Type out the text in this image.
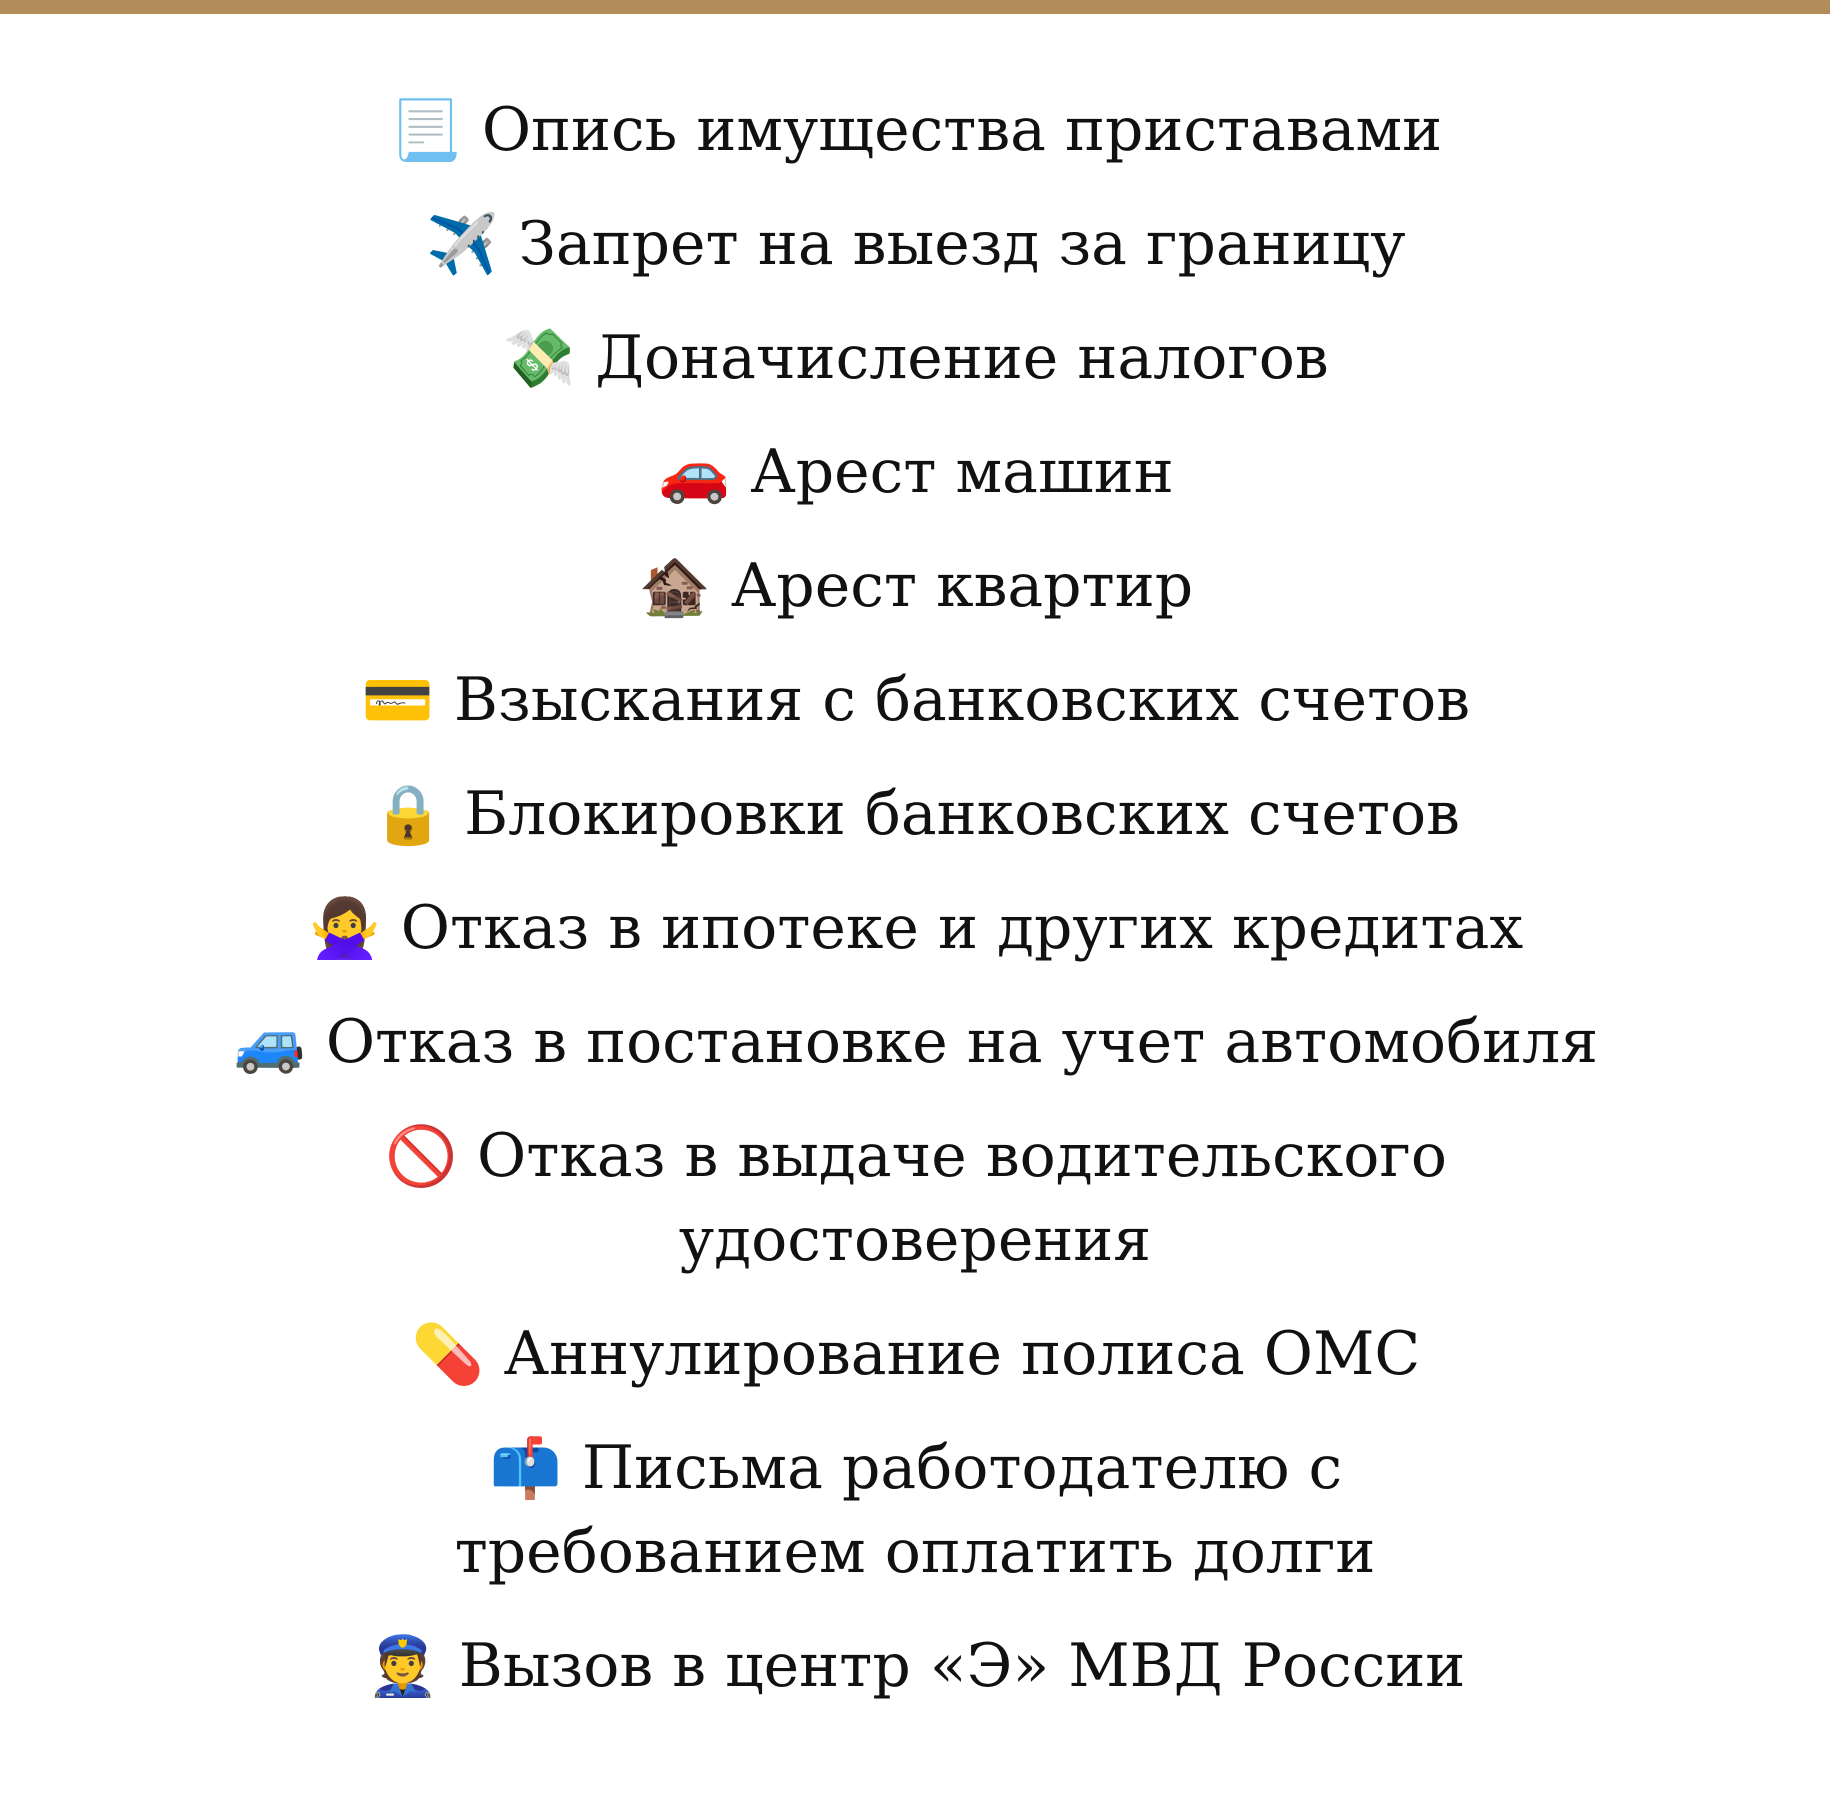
📃 Опись имущества приставами
✈️ Запрет на выезд за границу
💸 Доначисление налогов
🚗 Арест машин
🏚️ Арест квартир
💳 Взыскания с банковских счетов
🔒 Блокировки банковских счетов
🙅‍♀️ Отказ в ипотеке и других кредитах
🚙 Отказ в постановке на учет автомобиля
🚫 Отказ в выдаче водительского удостоверения
💊 Аннулирование полиса ОМС
📫 Письма работодателю с требованием оплатить долги
👮 Вызов в центр «Э» МВД России
